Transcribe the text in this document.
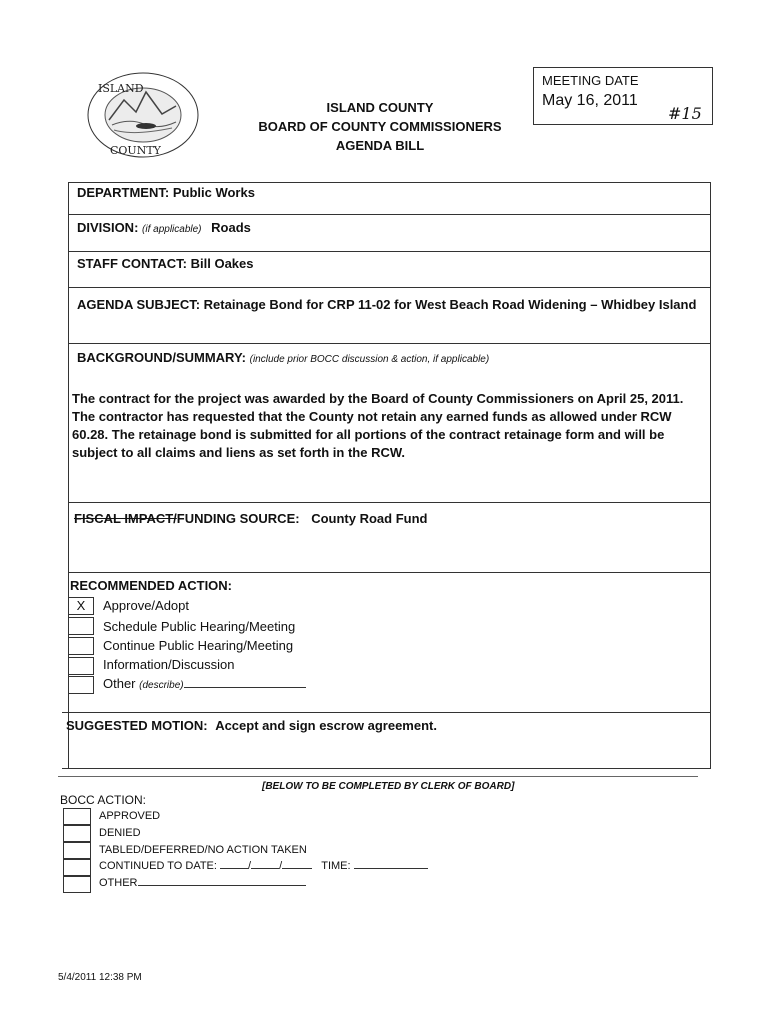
ISLAND
COUNTY
ISLAND COUNTY
BOARD OF COUNTY COMMISSIONERS
AGENDA BILL
MEETING DATE
May 16, 2011
#15
DEPARTMENT: Public Works
DIVISION: (if applicable) Roads
STAFF CONTACT: Bill Oakes
AGENDA SUBJECT: Retainage Bond for CRP 11-02 for West Beach Road Widening – Whidbey Island
BACKGROUND/SUMMARY: (include prior BOCC discussion & action, if applicable)
The contract for the project was awarded by the Board of County Commissioners on April 25, 2011.
The contractor has requested that the County not retain any earned funds as allowed under RCW
60.28. The retainage bond is submitted for all portions of the contract retainage form and will be
subject to all claims and liens as set forth in the RCW.
FISCAL IMPACT/FUNDING SOURCE: County Road Fund
RECOMMENDED ACTION:
X	Approve/Adopt
Schedule Public Hearing/Meeting
Continue Public Hearing/Meeting
Information/Discussion
Other (describe)
SUGGESTED MOTION: Accept and sign escrow agreement.
[BELOW TO BE COMPLETED BY CLERK OF BOARD]
BOCC ACTION:
APPROVED
DENIED
TABLED/DEFERRED/NO ACTION TAKEN
CONTINUED TO DATE:	/	/	TIME:
OTHER
5/4/2011 12:38 PM
